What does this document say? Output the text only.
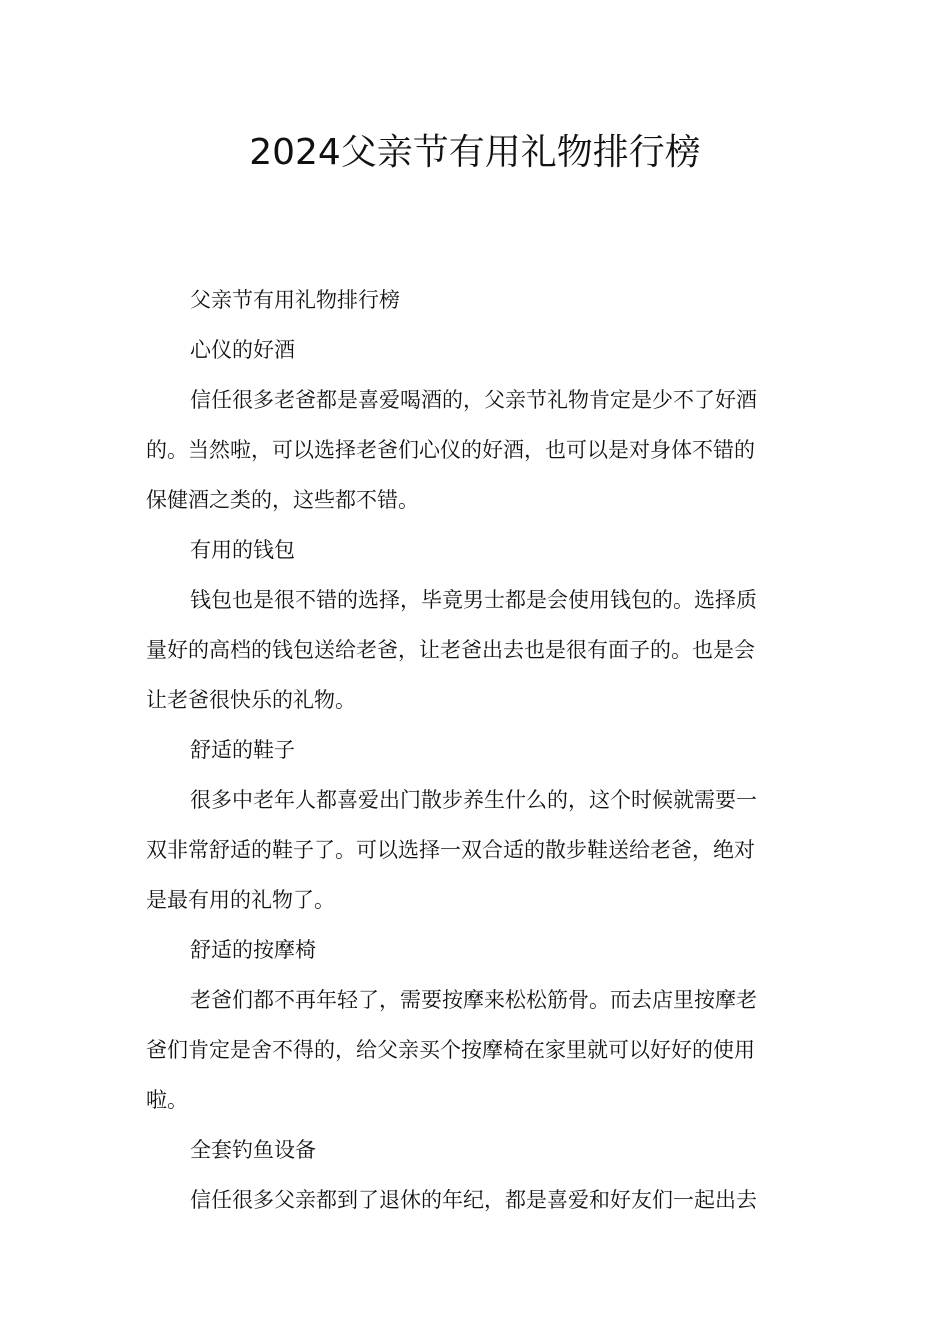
2024父亲节有用礼物排行榜
父亲节有用礼物排行榜
心仪的好酒
信任很多老爸都是喜爱喝酒的，父亲节礼物肯定是少不了好酒
的。当然啦，可以选择老爸们心仪的好酒，也可以是对身体不错的
保健酒之类的，这些都不错。
有用的钱包
钱包也是很不错的选择，毕竟男士都是会使用钱包的。选择质
量好的高档的钱包送给老爸，让老爸出去也是很有面子的。也是会
让老爸很快乐的礼物。
舒适的鞋子
很多中老年人都喜爱出门散步养生什么的，这个时候就需要一
双非常舒适的鞋子了。可以选择一双合适的散步鞋送给老爸，绝对
是最有用的礼物了。
舒适的按摩椅
老爸们都不再年轻了，需要按摩来松松筋骨。而去店里按摩老
爸们肯定是舍不得的，给父亲买个按摩椅在家里就可以好好的使用
啦。
全套钓鱼设备
信任很多父亲都到了退休的年纪，都是喜爱和好友们一起出去
